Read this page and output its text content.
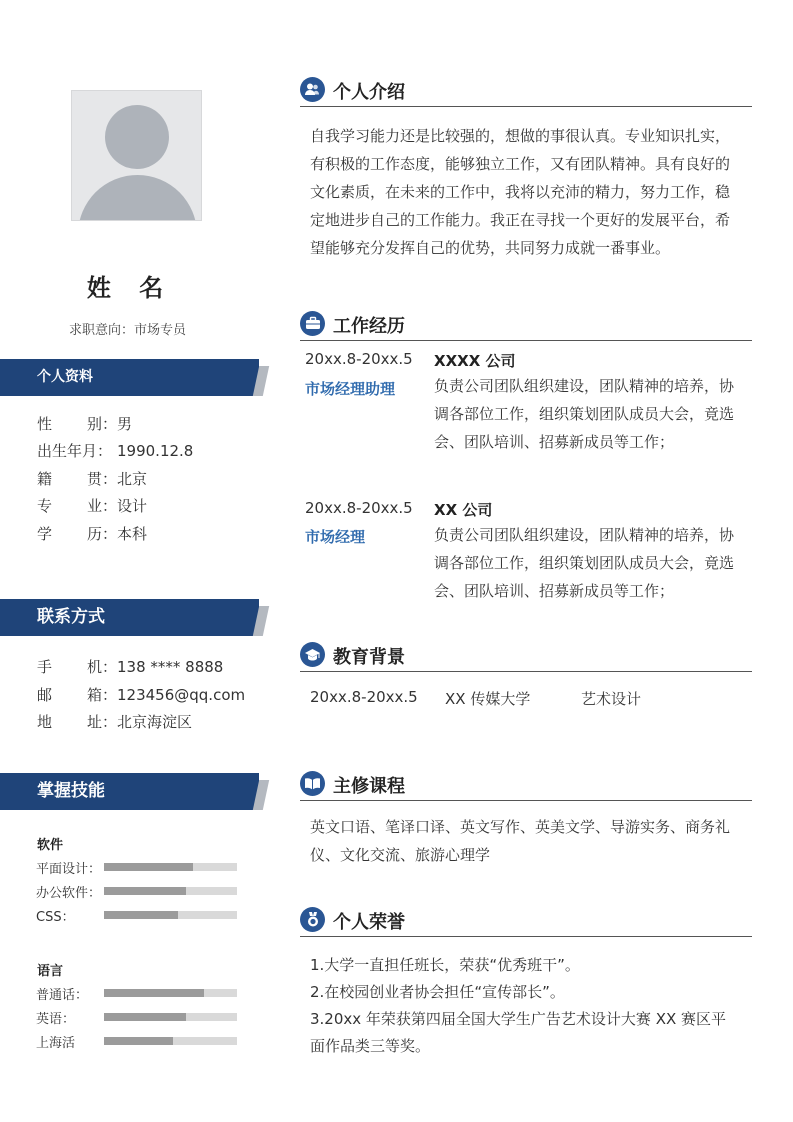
姓 名
求职意向：市场专员
个人资料
性 别： 男
出生年月： 1990.12.8
籍 贯： 北京
专 业： 设计
学 历： 本科
联系方式
手 机： 138 **** 8888
邮 箱： 123456@qq.com
地 址： 北京海淀区
掌握技能
软件
平面设计：
办公软件：
CSS：
语言
普通话：
英语：
上海活
个人介绍
自我学习能力还是比较强的，想做的事很认真。专业知识扎实，
有积极的工作态度，能够独立工作，又有团队精神。具有良好的
文化素质，在未来的工作中，我将以充沛的精力，努力工作，稳
定地进步自己的工作能力。我正在寻找一个更好的发展平台，希
望能够充分发挥自己的优势，共同努力成就一番事业。
工作经历
20xx.8-20xx.5 XXXX 公司
市场经理助理	负责公司团队组织建设，团队精神的培养，协
调各部位工作，组织策划团队成员大会，竟选
会、团队培训、招募新成员等工作；
20xx.8-20xx.5 XX 公司
市场经理	负责公司团队组织建设，团队精神的培养，协
调各部位工作，组织策划团队成员大会，竟选
会、团队培训、招募新成员等工作；
教育背景
20xx.8-20xx.5 XX 传媒大学	艺术设计
主修课程
英文口语、笔译口译、英文写作、英美文学、导游实务、商务礼
仪、文化交流、旅游心理学
个人荣誉
1.大学一直担任班长，荣获“优秀班干”。
2.在校园创业者协会担任“宣传部长”。
3.20xx 年荣获第四届全国大学生广告艺术设计大赛 XX 赛区平
面作品类三等奖。
